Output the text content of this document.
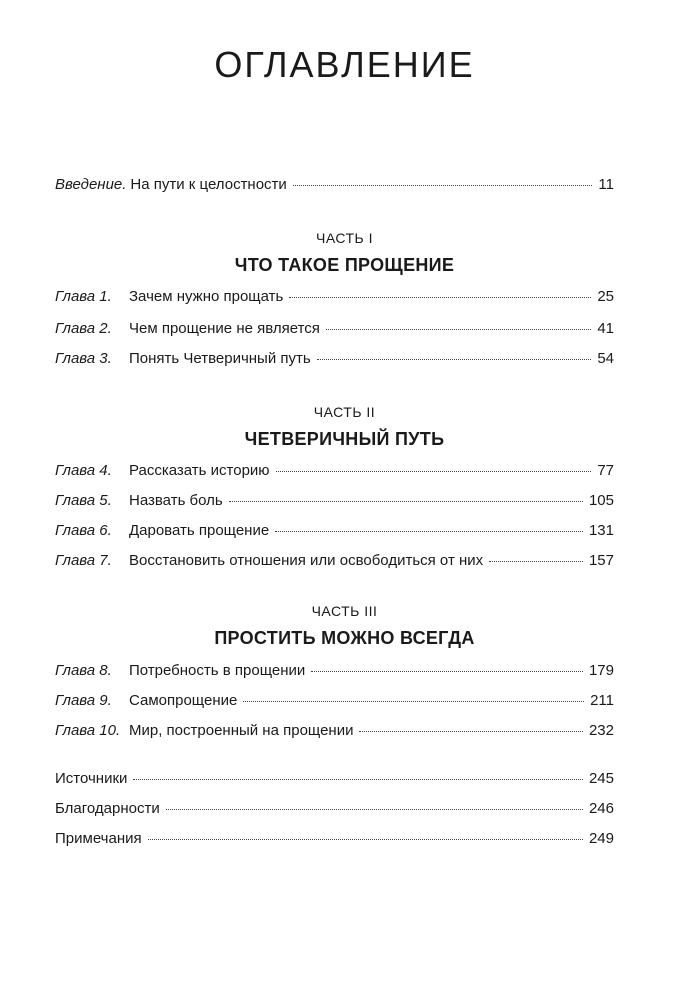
ОГЛАВЛЕНИЕ
Введение. На пути к целостности	11
ЧАСТЬ I
ЧТО ТАКОЕ ПРОЩЕНИЕ
Глава 1.	Зачем нужно прощать	25
Глава 2.	Чем прощение не является	41
Глава 3.	Понять Четверичный путь	54
ЧАСТЬ II
ЧЕТВЕРИЧНЫЙ ПУТЬ
Глава 4.	Рассказать историю	77
Глава 5.	Назвать боль	105
Глава 6.	Даровать прощение	131
Глава 7.	Восстановить отношения или освободиться от них	157
ЧАСТЬ III
ПРОСТИТЬ МОЖНО ВСЕГДА
Глава 8.	Потребность в прощении	179
Глава 9.	Самопрощение	211
Глава 10. Мир, построенный на прощении	232
Источники	245
Благодарности	246
Примечания	249
